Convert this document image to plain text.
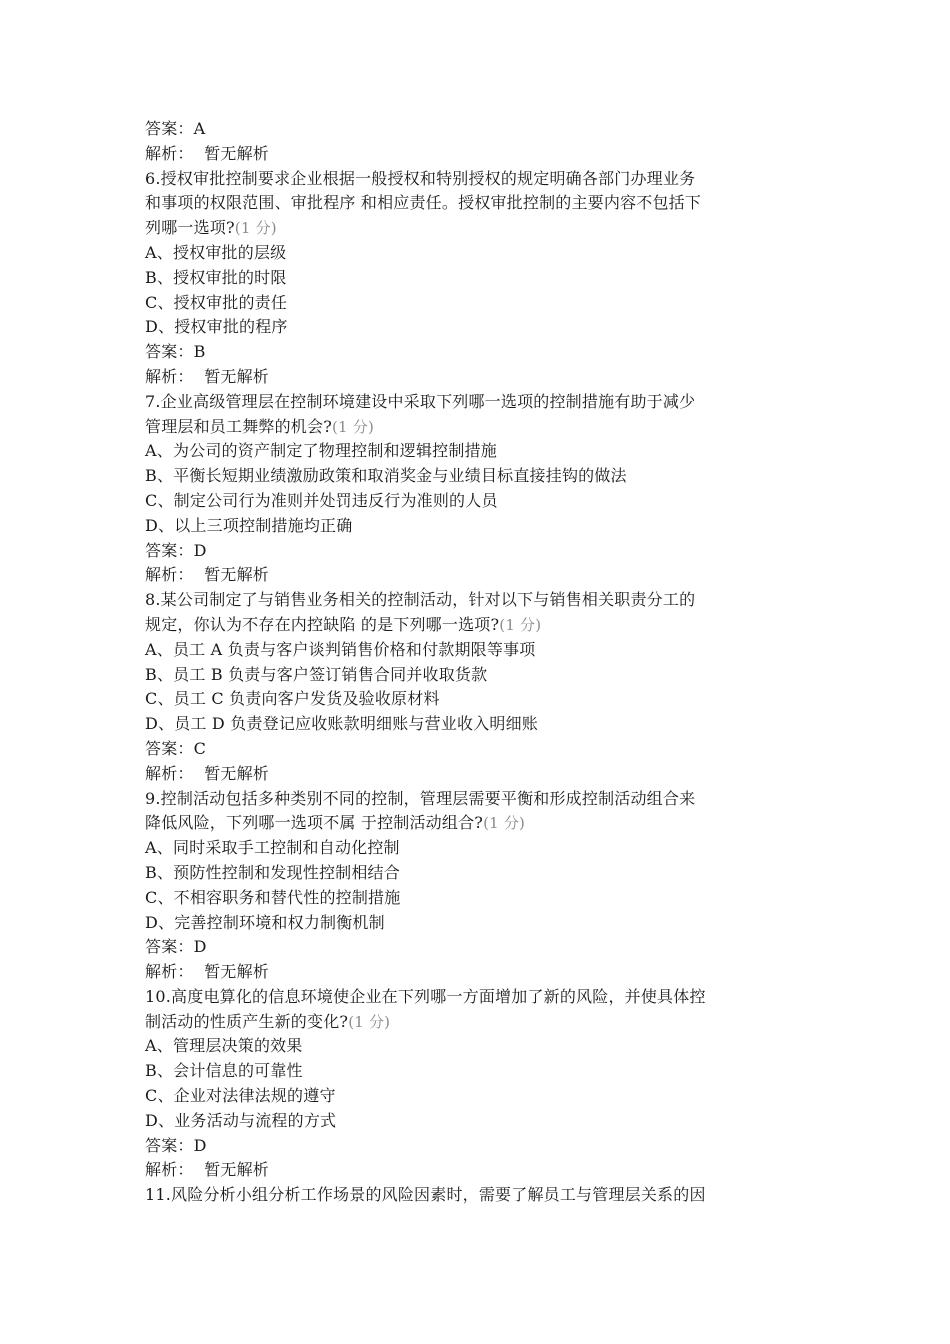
答案：A
解析： 暂无解析
6.授权审批控制要求企业根据一般授权和特别授权的规定明确各部门办理业务
和事项的权限范围、审批程序 和相应责任。授权审批控制的主要内容不包括下
列哪一选项?(1 分)
A、授权审批的层级
B、授权审批的时限
C、授权审批的责任
D、授权审批的程序
答案：B
解析： 暂无解析
7.企业高级管理层在控制环境建设中采取下列哪一选项的控制措施有助于减少
管理层和员工舞弊的机会?(1 分)
A、为公司的资产制定了物理控制和逻辑控制措施
B、平衡长短期业绩激励政策和取消奖金与业绩目标直接挂钩的做法
C、制定公司行为准则并处罚违反行为准则的人员
D、以上三项控制措施均正确
答案：D
解析： 暂无解析
8.某公司制定了与销售业务相关的控制活动，针对以下与销售相关职责分工的
规定，你认为不存在内控缺陷 的是下列哪一选项?(1 分)
A、员工 A 负责与客户谈判销售价格和付款期限等事项
B、员工 B 负责与客户签订销售合同并收取货款
C、员工 C 负责向客户发货及验收原材料
D、员工 D 负责登记应收账款明细账与营业收入明细账
答案：C
解析： 暂无解析
9.控制活动包括多种类别不同的控制，管理层需要平衡和形成控制活动组合来
降低风险，下列哪一选项不属 于控制活动组合?(1 分)
A、同时采取手工控制和自动化控制
B、预防性控制和发现性控制相结合
C、不相容职务和替代性的控制措施
D、完善控制环境和权力制衡机制
答案：D
解析： 暂无解析
10.高度电算化的信息环境使企业在下列哪一方面增加了新的风险，并使具体控
制活动的性质产生新的变化?(1 分)
A、管理层决策的效果
B、会计信息的可靠性
C、企业对法律法规的遵守
D、业务活动与流程的方式
答案：D
解析： 暂无解析
11.风险分析小组分析工作场景的风险因素时，需要了解员工与管理层关系的因
